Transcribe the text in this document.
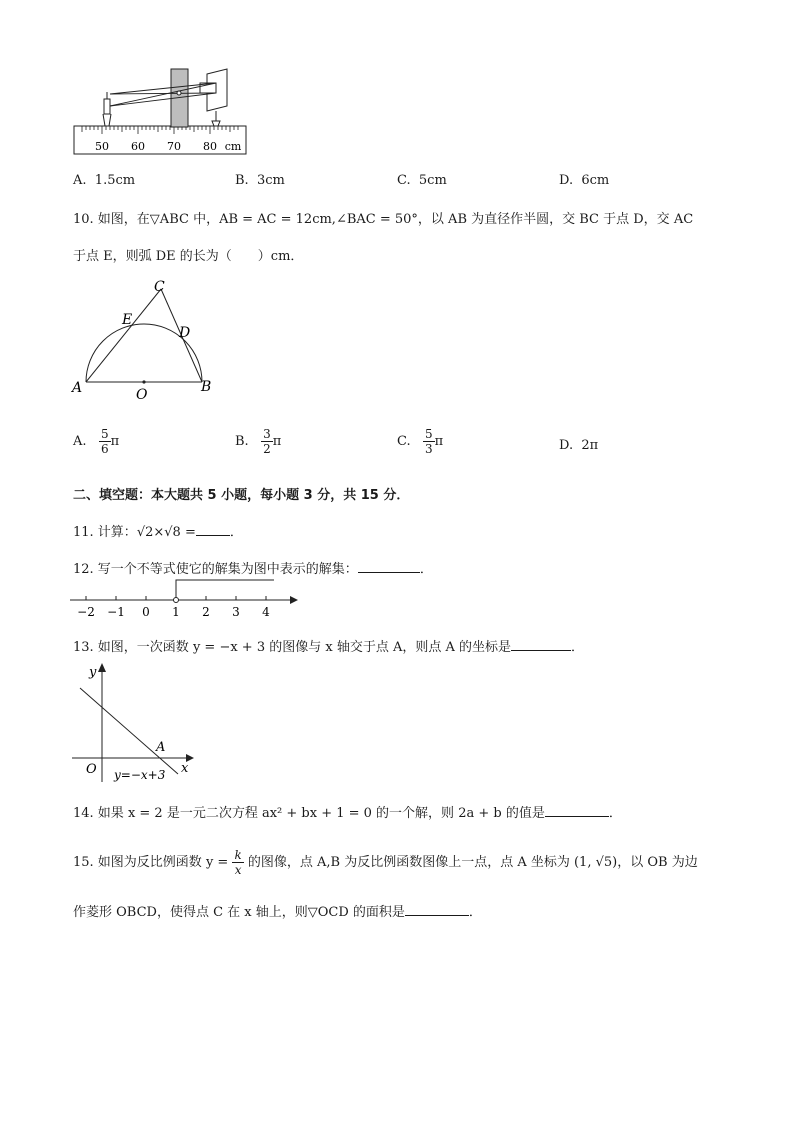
50 60 70 80 cm
A. 1.5cm	B. 3cm	C. 5cm	D. 6cm
10. 如图，在▽ABC 中，AB = AC = 12cm,∠BAC = 50°，以 AB 为直径作半圆，交 BC 于点 D，交 AC
于点 E，则弧 DE 的长为（　　）cm．
C
E
D
A	B
O
A. $\frac{5}{6}$ π	B. $\frac{3}{2}$ π	C. $\frac{5}{3}$ π	D. 2π
二、填空题：本大题共 5 小题，每小题 3 分，共 15 分．
11. 计算：√2×√8 =	．
12. 写一个不等式使它的解集为图中表示的解集：	．
−2 −1 0 1 2 3 4
13. 如图，一次函数 y = −x + 3 的图像与 x 轴交于点 A，则点 A 的坐标是	．
y
x
O
A
y=−x+3
14. 如果 x = 2 是一元二次方程 ax² + bx + 1 = 0 的一个解，则 2a + b 的值是	．
15. 如图为反比例函数 $y = \frac{k}{x}$ 的图像，点 A,B 为反比例函数图像上一点，点 A 坐标为 (1, √5)，以 OB 为边
作菱形 OBCD，使得点 C 在 x 轴上，则▽OCD 的面积是	．
